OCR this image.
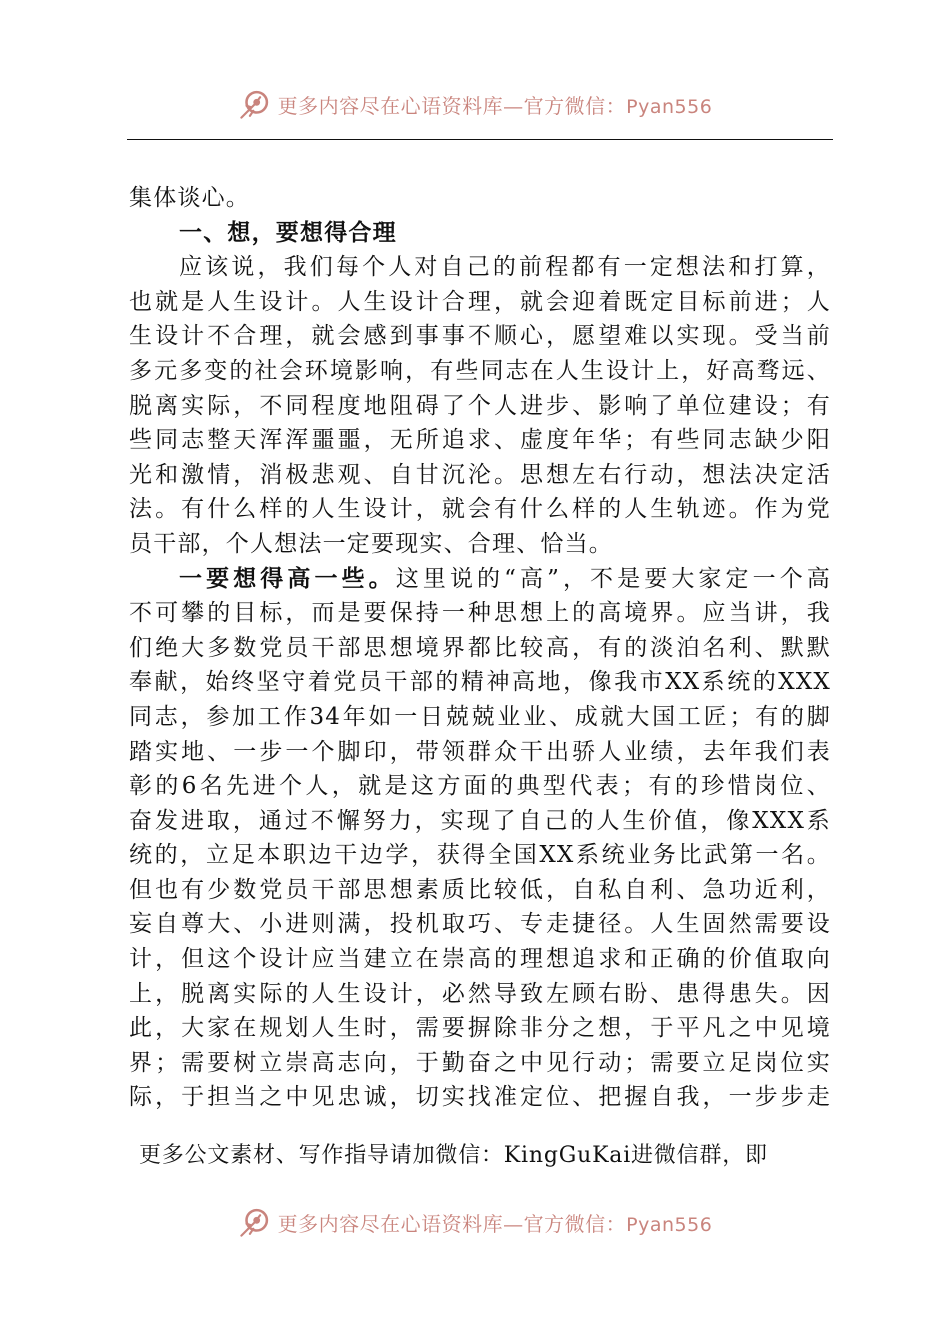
更多内容尽在心语资料库—官方微信：Pyan556
集体谈心。
一、想，要想得合理
应该说，我们每个人对自己的前程都有一定想法和打算，
也就是人生设计。人生设计合理，就会迎着既定目标前进；人
生设计不合理，就会感到事事不顺心，愿望难以实现。受当前
多元多变的社会环境影响，有些同志在人生设计上，好高骛远、
脱离实际，不同程度地阻碍了个人进步、影响了单位建设；有
些同志整天浑浑噩噩，无所追求、虚度年华；有些同志缺少阳
光和激情，消极悲观、自甘沉沦。思想左右行动，想法决定活
法。有什么样的人生设计，就会有什么样的人生轨迹。作为党
员干部，个人想法一定要现实、合理、恰当。
一要想得高一些。这里说的“高”，不是要大家定一个高
不可攀的目标，而是要保持一种思想上的高境界。应当讲，我
们绝大多数党员干部思想境界都比较高，有的淡泊名利、默默
奉献，始终坚守着党员干部的精神高地，像我市XX系统的XXX
同志，参加工作34年如一日兢兢业业、成就大国工匠；有的脚
踏实地、一步一个脚印，带领群众干出骄人业绩，去年我们表
彰的6名先进个人，就是这方面的典型代表；有的珍惜岗位、
奋发进取，通过不懈努力，实现了自己的人生价值，像XXX系
统的，立足本职边干边学，获得全国XX系统业务比武第一名。
但也有少数党员干部思想素质比较低，自私自利、急功近利，
妄自尊大、小进则满，投机取巧、专走捷径。人生固然需要设
计，但这个设计应当建立在崇高的理想追求和正确的价值取向
上，脱离实际的人生设计，必然导致左顾右盼、患得患失。因
此，大家在规划人生时，需要摒除非分之想，于平凡之中见境
界；需要树立崇高志向，于勤奋之中见行动；需要立足岗位实
际，于担当之中见忠诚，切实找准定位、把握自我，一步步走
更多公文素材、写作指导请加微信：KingGuKai进微信群，即
更多内容尽在心语资料库—官方微信：Pyan556
